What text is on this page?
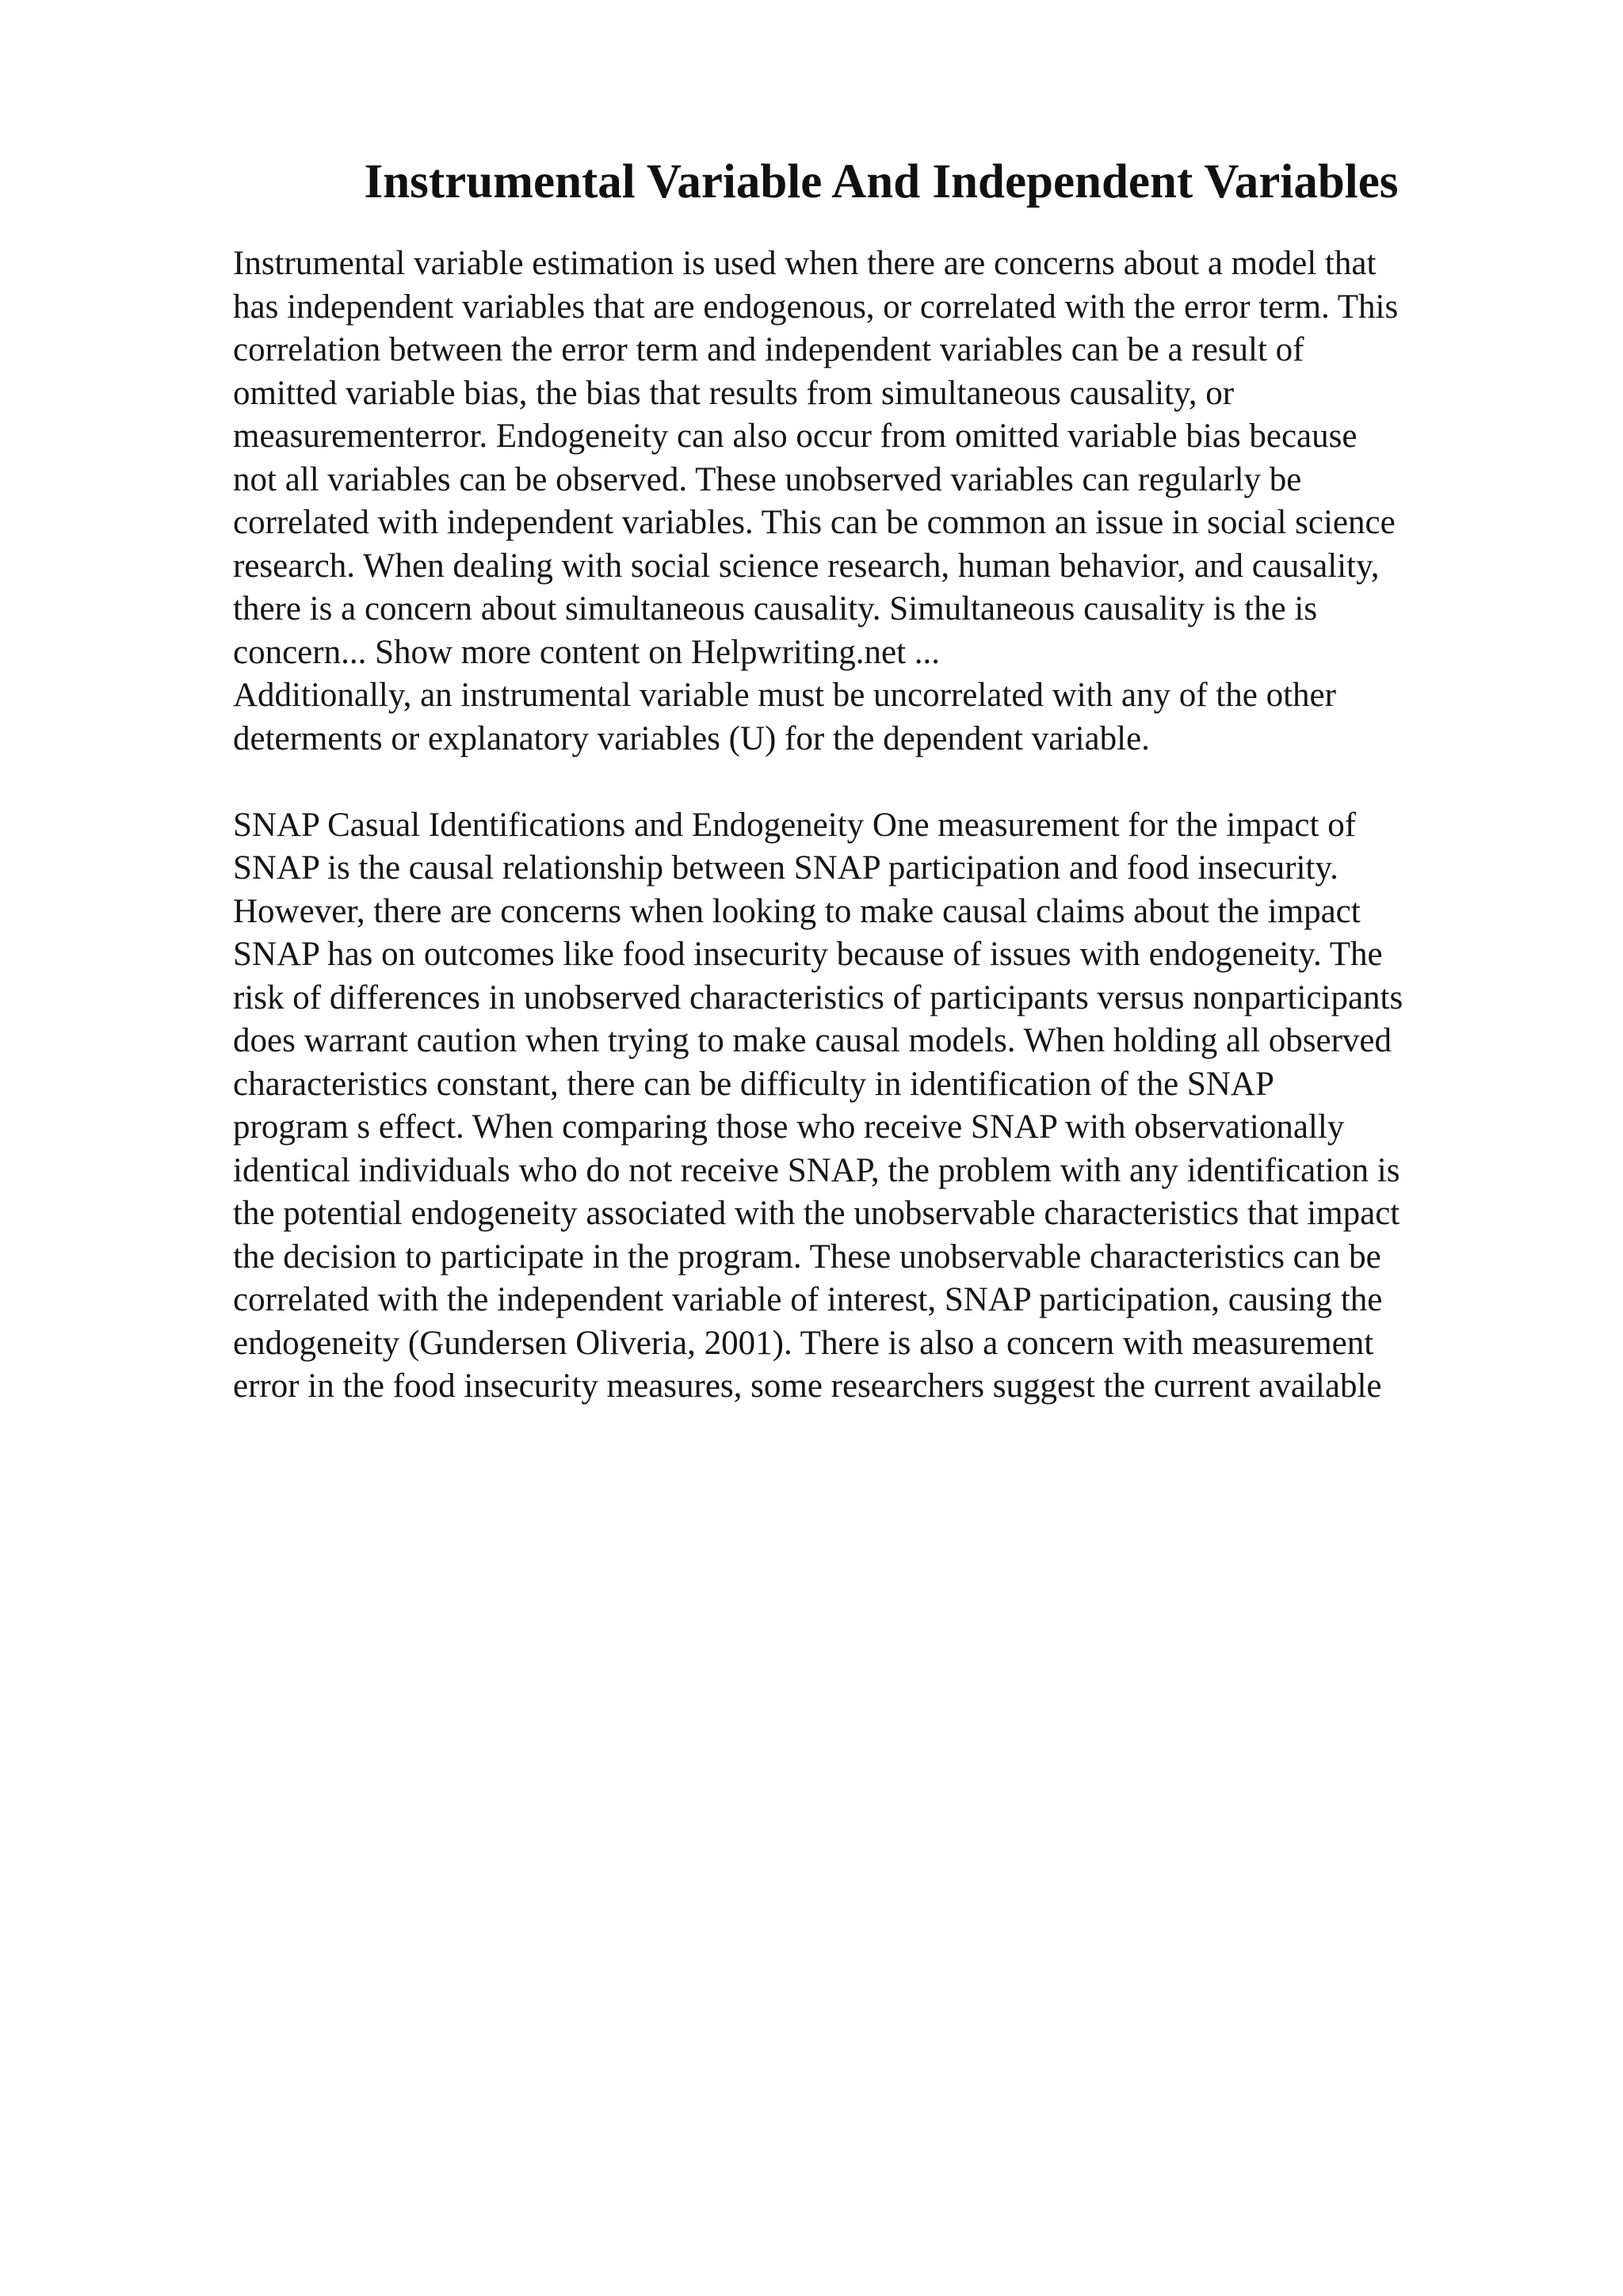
Instrumental Variable And Independent Variables
Instrumental variable estimation is used when there are concerns about a model that
has independent variables that are endogenous, or correlated with the error term. This
correlation between the error term and independent variables can be a result of
omitted variable bias, the bias that results from simultaneous causality, or
measurementerror. Endogeneity can also occur from omitted variable bias because
not all variables can be observed. These unobserved variables can regularly be
correlated with independent variables. This can be common an issue in social science
research. When dealing with social science research, human behavior, and causality,
there is a concern about simultaneous causality. Simultaneous causality is the is
concern... Show more content on Helpwriting.net ...
Additionally, an instrumental variable must be uncorrelated with any of the other
determents or explanatory variables (U) for the dependent variable.
SNAP Casual Identifications and Endogeneity One measurement for the impact of
SNAP is the causal relationship between SNAP participation and food insecurity.
However, there are concerns when looking to make causal claims about the impact
SNAP has on outcomes like food insecurity because of issues with endogeneity. The
risk of differences in unobserved characteristics of participants versus nonparticipants
does warrant caution when trying to make causal models. When holding all observed
characteristics constant, there can be difficulty in identification of the SNAP
program s effect. When comparing those who receive SNAP with observationally
identical individuals who do not receive SNAP, the problem with any identification is
the potential endogeneity associated with the unobservable characteristics that impact
the decision to participate in the program. These unobservable characteristics can be
correlated with the independent variable of interest, SNAP participation, causing the
endogeneity (Gundersen Oliveria, 2001). There is also a concern with measurement
error in the food insecurity measures, some researchers suggest the current available
